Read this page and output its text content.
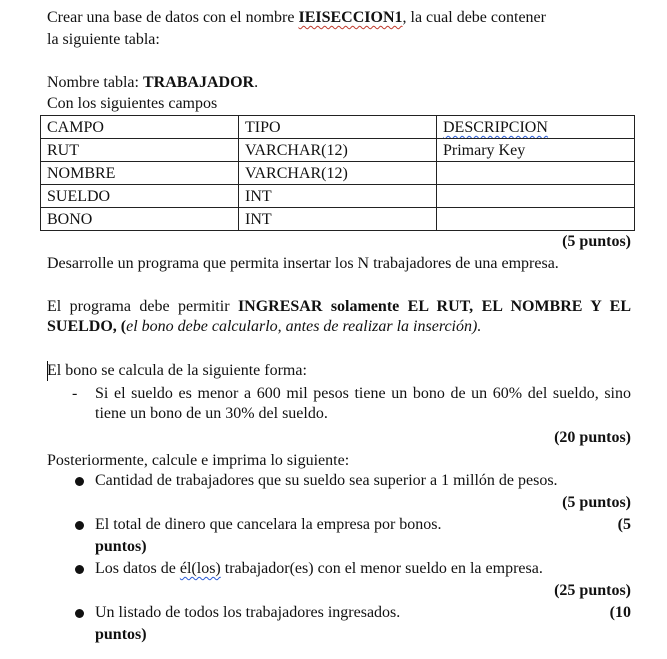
Crear una base de datos con el nombre IEISECCION1, la cual debe contener
la siguiente tabla:
Nombre tabla: TRABAJADOR.
Con los siguientes campos
CAMPO	TIPO	DESCRIPCION
RUT	VARCHAR(12)	Primary Key
NOMBRE	VARCHAR(12)	
SUELDO	INT	
BONO	INT	
(5 puntos)
Desarrolle un programa que permita insertar los N trabajadores de una empresa.
El programa debe permitir INGRESAR solamente EL RUT, EL NOMBRE Y EL SUELDO, (el bono debe calcularlo, antes de realizar la inserción).
El bono se calcula de la siguiente forma:
- Si el sueldo es menor a 600 mil pesos tiene un bono de un 60% del sueldo, sino tiene un bono de un 30% del sueldo.
(20 puntos)
Posteriormente, calcule e imprima lo siguiente:
Cantidad de trabajadores que su sueldo sea superior a 1 millón de pesos.
(5 puntos)
El total de dinero que cancelara la empresa por bonos.	(5
puntos)
Los datos de él(los) trabajador(es) con el menor sueldo en la empresa.
(25 puntos)
Un listado de todos los trabajadores ingresados.	(10
puntos)
